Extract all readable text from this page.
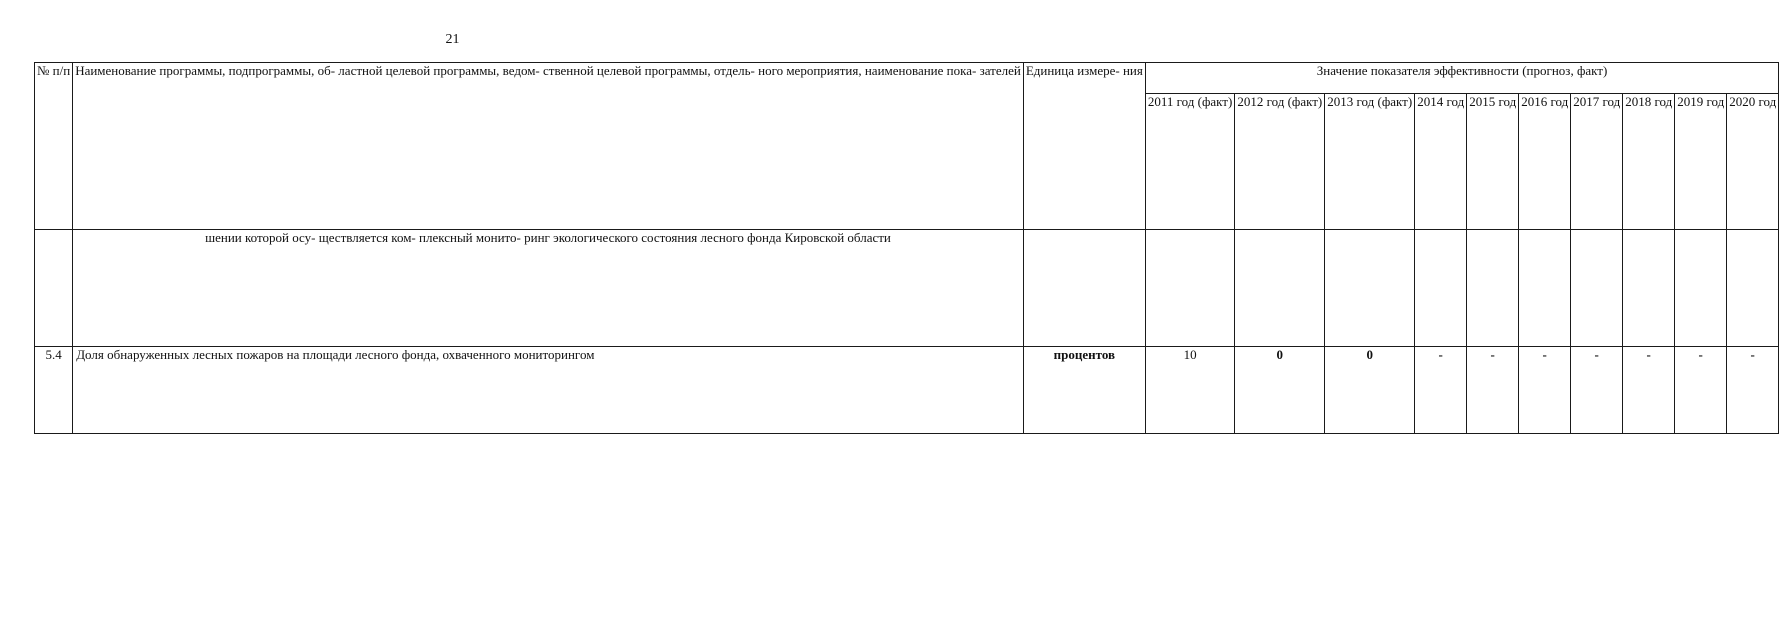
21
№ п/п	Наименование программы, подпрограммы, об- ластной целевой программы, ведом- ственной целевой программы, отдель- ного мероприятия, наименование пока- зателей	Единица измере- ния	Значение показателя эффективности (прогноз, факт)									
			2011 год (факт)	2012 год (факт)	2013 год (факт)	2014 год	2015 год	2016 год	2017 год	2018 год	2019 год	2020 год
	шении которой осу- ществляется ком- плексный монито- ринг экологического состояния лесного фонда Кировской области											
5.4	Доля обнаруженных лесных пожаров на площади лесного фонда, охваченного мониторингом	процентов	10	0	0	-	-	-	-	-	-	-
